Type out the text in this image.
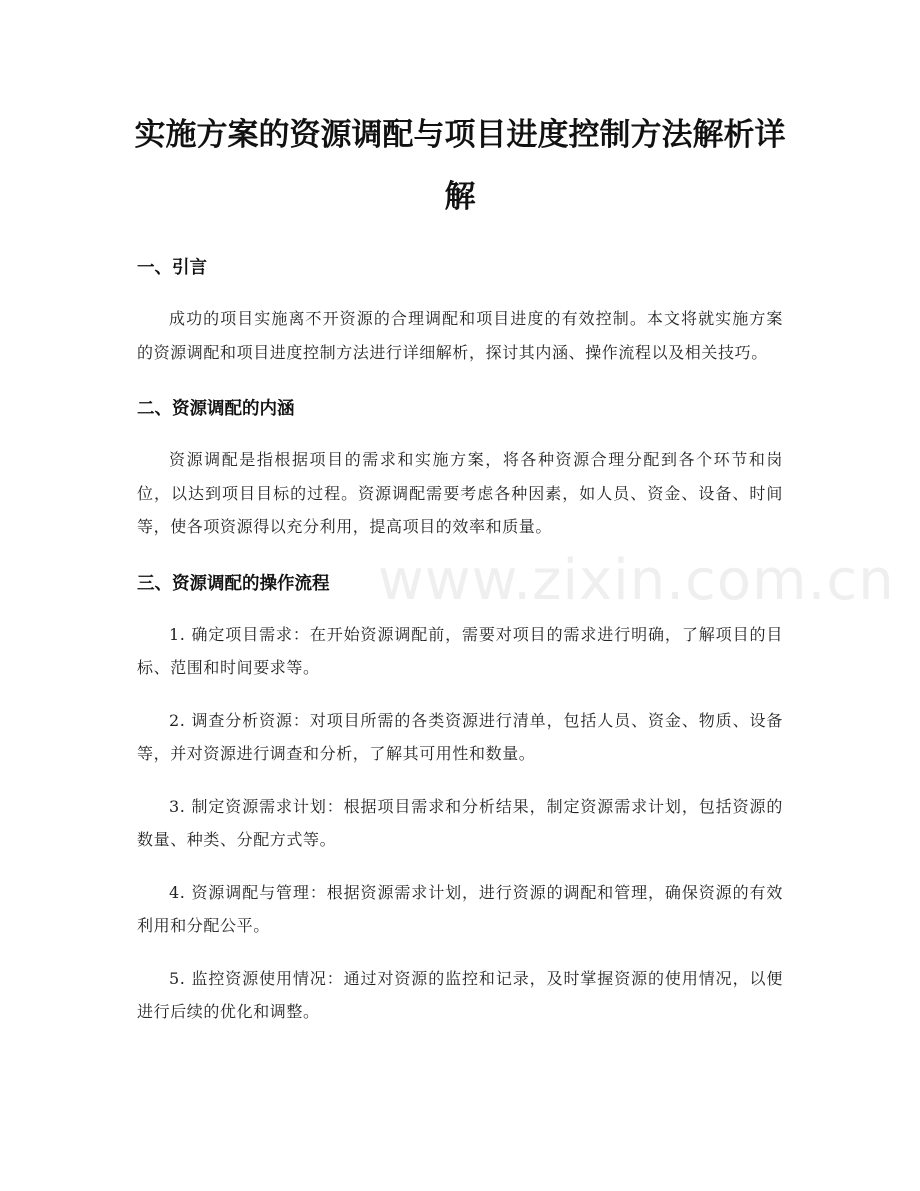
实施方案的资源调配与项目进度控制方法解析详解
一、引言

成功的项目实施离不开资源的合理调配和项目进度的有效控制。本文将就实施方案的资源调配和项目进度控制方法进行详细解析，探讨其内涵、操作流程以及相关技巧。

二、资源调配的内涵

资源调配是指根据项目的需求和实施方案，将各种资源合理分配到各个环节和岗位，以达到项目目标的过程。资源调配需要考虑各种因素，如人员、资金、设备、时间等，使各项资源得以充分利用，提高项目的效率和质量。

三、资源调配的操作流程

1. 确定项目需求：在开始资源调配前，需要对项目的需求进行明确，了解项目的目标、范围和时间要求等。

2. 调查分析资源：对项目所需的各类资源进行清单，包括人员、资金、物质、设备等，并对资源进行调查和分析，了解其可用性和数量。

3. 制定资源需求计划：根据项目需求和分析结果，制定资源需求计划，包括资源的数量、种类、分配方式等。

4. 资源调配与管理：根据资源需求计划，进行资源的调配和管理，确保资源的有效利用和分配公平。

5. 监控资源使用情况：通过对资源的监控和记录，及时掌握资源的使用情况，以便进行后续的优化和调整。

www.zixin.com.cn
